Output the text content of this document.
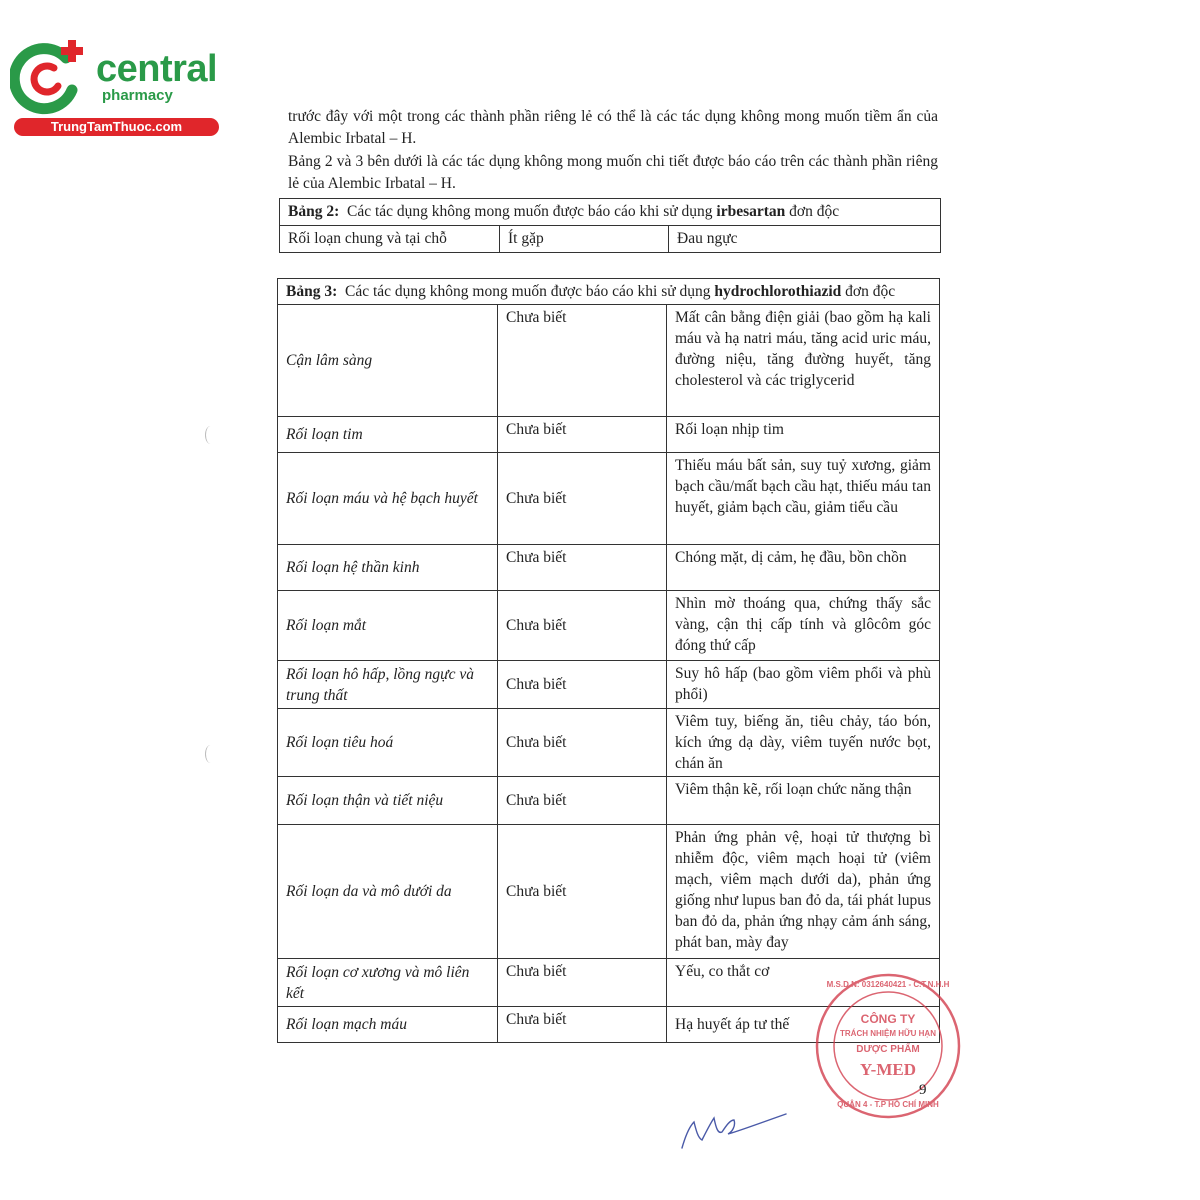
central
pharmacy
TrungTamThuoc.com
trước đây với một trong các thành phần riêng lẻ có thể là các tác dụng không mong muốn tiềm ẩn của Alembic Irbatal – H.
Bảng 2 và 3 bên dưới là các tác dụng không mong muốn chi tiết được báo cáo trên các thành phần riêng lẻ của Alembic Irbatal – H.
Bảng 2: Các tác dụng không mong muốn được báo cáo khi sử dụng irbesartan đơn độc
Rối loạn chung và tại chỗ	Ít gặp	Đau ngực
Bảng 3: Các tác dụng không mong muốn được báo cáo khi sử dụng hydrochlorothiazid đơn độc		
Cận lâm sàng	Chưa biết	Mất cân bằng điện giải (bao gồm hạ kali máu và hạ natri máu, tăng acid uric máu, đường niệu, tăng đường huyết, tăng cholesterol và các triglycerid
Rối loạn tim	Chưa biết	Rối loạn nhịp tim
Rối loạn máu và hệ bạch huyết	Chưa biết	Thiếu máu bất sản, suy tuỷ xương, giảm bạch cầu/mất bạch cầu hạt, thiếu máu tan huyết, giảm bạch cầu, giảm tiểu cầu
Rối loạn hệ thần kinh	Chưa biết	Chóng mặt, dị cảm, hẹ đầu, bồn chồn
Rối loạn mắt	Chưa biết	Nhìn mờ thoáng qua, chứng thấy sắc vàng, cận thị cấp tính và glôcôm góc đóng thứ cấp
Rối loạn hô hấp, lồng ngực và trung thất	Chưa biết	Suy hô hấp (bao gồm viêm phổi và phù phổi)
Rối loạn tiêu hoá	Chưa biết	Viêm tuy, biếng ăn, tiêu chảy, táo bón, kích ứng dạ dày, viêm tuyến nước bọt, chán ăn
Rối loạn thận và tiết niệu	Chưa biết	Viêm thận kẽ, rối loạn chức năng thận
Rối loạn da và mô dưới da	Chưa biết	Phản ứng phản vệ, hoại tử thượng bì nhiễm độc, viêm mạch hoại tử (viêm mạch, viêm mạch dưới da), phản ứng giống như lupus ban đỏ da, tái phát lupus ban đỏ da, phản ứng nhạy cảm ánh sáng, phát ban, mày đay
Rối loạn cơ xương và mô liên kết	Chưa biết	Yếu, co thắt cơ
Rối loạn mạch máu	Chưa biết	Hạ huyết áp tư thế	CÔNG TY
TRÁCH NHIỆM HỮU HẠN
DƯỢC PHẨM
Y-MED
M.S.D.N: 0312640421 - C.T.N.H.H
QUẬN 4 - T.P HỒ CHÍ MINH
9
